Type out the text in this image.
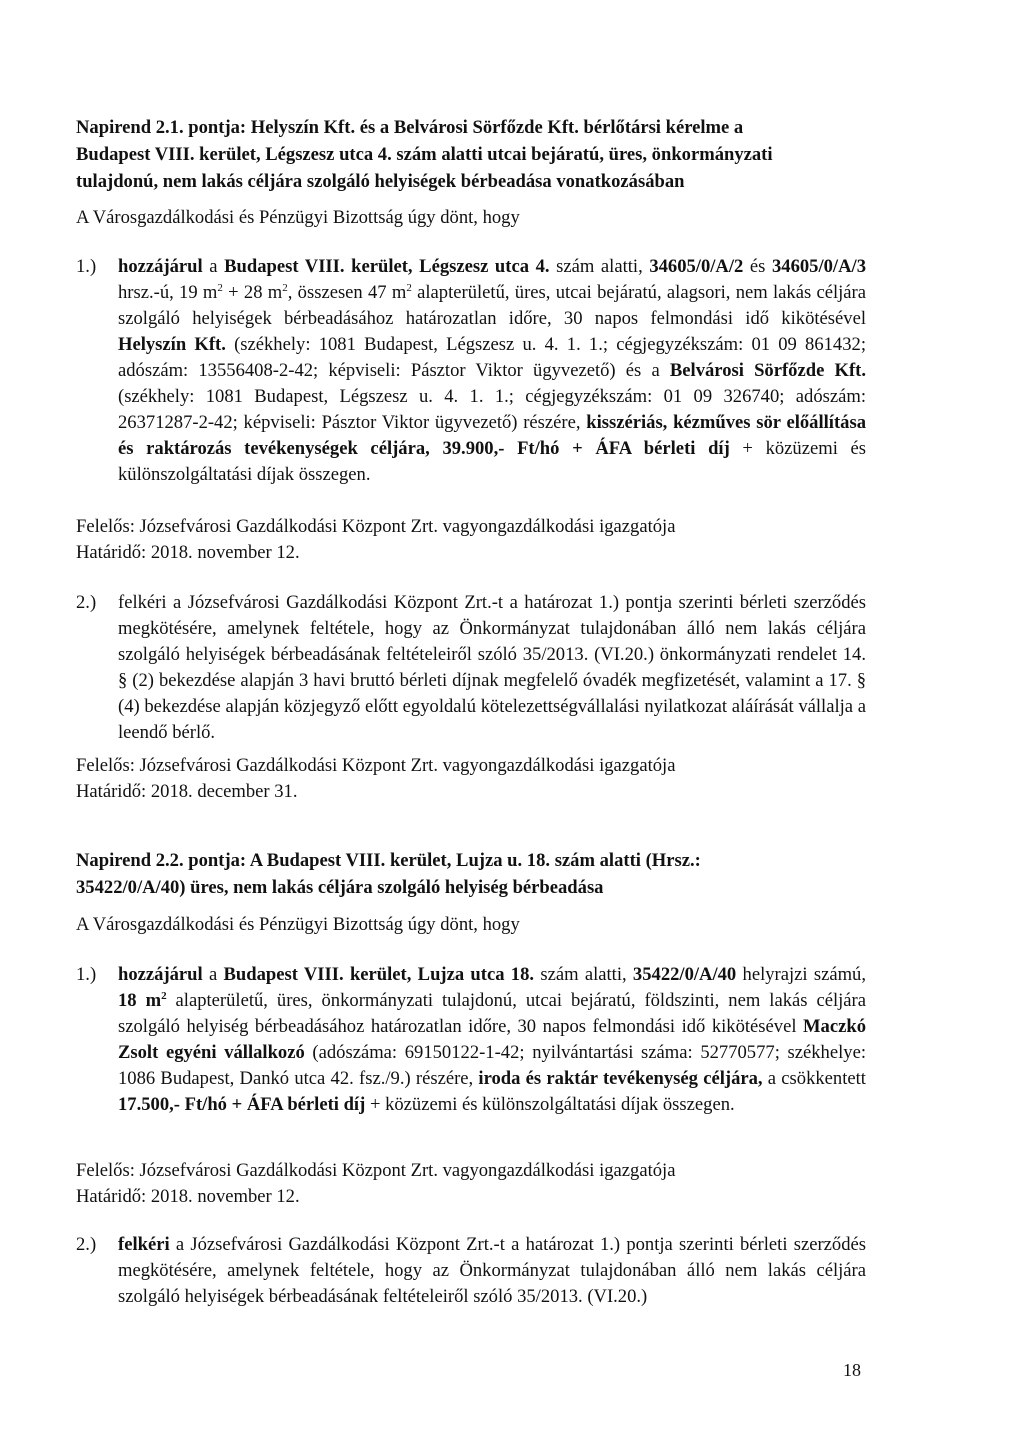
Napirend 2.1. pontja: Helyszín Kft. és a Belvárosi Sörfőzde Kft. bérlőtársi kérelme a
Budapest VIII. kerület, Légszesz utca 4. szám alatti utcai bejáratú, üres, önkormányzati
tulajdonú, nem lakás céljára szolgáló helyiségek bérbeadása vonatkozásában

A Városgazdálkodási és Pénzügyi Bizottság úgy dönt, hogy

1.) hozzájárul a Budapest VIII. kerület, Légszesz utca 4. szám alatti, 34605/0/A/2 és 34605/0/A/3 hrsz.-ú, 19 $m^2 + 28$ $m^2$, összesen 47 $m^2$ alapterületű, üres, utcai bejáratú, alagsori, nem lakás céljára szolgáló helyiségek bérbeadásához határozatlan időre, 30 napos felmondási idő kikötésével Helyszín Kft. (székhely: 1081 Budapest, Légszesz u. 4. 1. 1.; cégjegyzékszám: 01 09 861432; adószám: 13556408-2-42; képviseli: Pásztor Viktor ügyvezető) és a Belvárosi Sörfőzde Kft. (székhely: 1081 Budapest, Légszesz u. 4. 1. 1.; cégjegyzékszám: 01 09 326740; adószám: 26371287-2-42; képviseli: Pásztor Viktor ügyvezető) részére, kisszériás, kézműves sör előállítása és raktározás tevékenységek céljára, 39.900,- Ft/hó + ÁFA bérleti díj + közüzemi és különszolgáltatási díjak összegen.
Felelős: Józsefvárosi Gazdálkodási Központ Zrt. vagyongazdálkodási igazgatója
Határidő: 2018. november 12.
2.) felkéri a Józsefvárosi Gazdálkodási Központ Zrt.-t a határozat 1.) pontja szerinti bérleti szerződés megkötésére, amelynek feltétele, hogy az Önkormányzat tulajdonában álló nem lakás céljára szolgáló helyiségek bérbeadásának feltételeiről szóló 35/2013. (VI.20.) önkormányzati rendelet 14. § (2) bekezdése alapján 3 havi bruttó bérleti díjnak megfelelő óvadék megfizetését, valamint a 17. § (4) bekezdése alapján közjegyző előtt egyoldalú kötelezettségvállalási nyilatkozat aláírását vállalja a leendő bérlő.
Felelős: Józsefvárosi Gazdálkodási Központ Zrt. vagyongazdálkodási igazgatója
Határidő: 2018. december 31.
Napirend 2.2. pontja: A Budapest VIII. kerület, Lujza u. 18. szám alatti (Hrsz.:
35422/0/A/40) üres, nem lakás céljára szolgáló helyiség bérbeadása

A Városgazdálkodási és Pénzügyi Bizottság úgy dönt, hogy

1.) hozzájárul a Budapest VIII. kerület, Lujza utca 18. szám alatti, 35422/0/A/40 helyrajzi számú, 18 $m^2$ alapterületű, üres, önkormányzati tulajdonú, utcai bejáratú, földszinti, nem lakás céljára szolgáló helyiség bérbeadásához határozatlan időre, 30 napos felmondási idő kikötésével Maczkó Zsolt egyéni vállalkozó (adószáma: 69150122-1-42; nyilvántartási száma: 52770577; székhelye: 1086 Budapest, Dankó utca 42. fsz./9.) részére, iroda és raktár tevékenység céljára, a csökkentett 17.500,- Ft/hó + ÁFA bérleti díj + közüzemi és különszolgáltatási díjak összegen.
Felelős: Józsefvárosi Gazdálkodási Központ Zrt. vagyongazdálkodási igazgatója
Határidő: 2018. november 12.
2.) felkéri a Józsefvárosi Gazdálkodási Központ Zrt.-t a határozat 1.) pontja szerinti bérleti szerződés megkötésére, amelynek feltétele, hogy az Önkormányzat tulajdonában álló nem lakás céljára szolgáló helyiségek bérbeadásának feltételeiről szóló 35/2013. (VI.20.)
18
